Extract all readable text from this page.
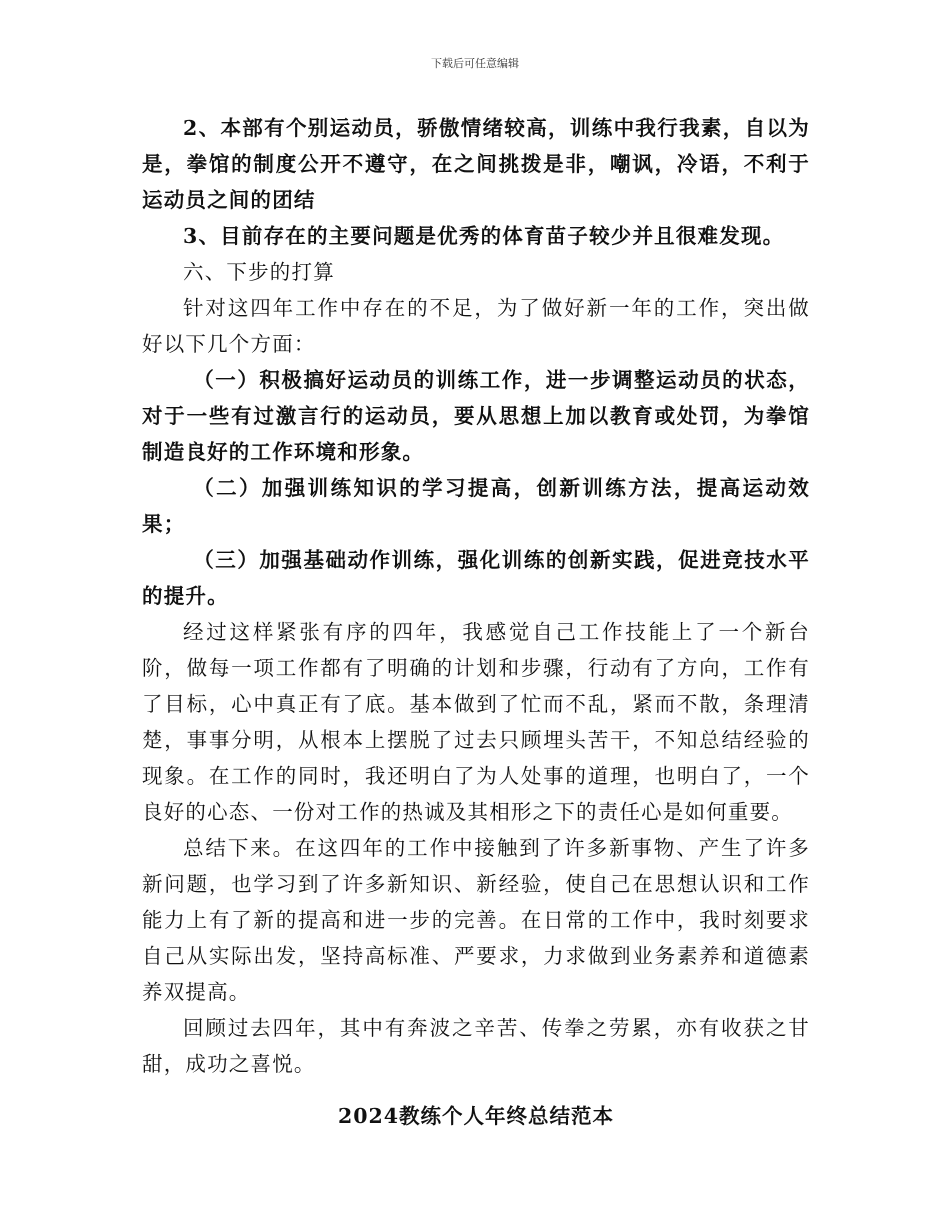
下载后可任意编辑

2、本部有个别运动员，骄傲情绪较高，训练中我行我素，自以为是，拳馆的制度公开不遵守，在之间挑拨是非，嘲讽，冷语，不利于运动员之间的团结

3、目前存在的主要问题是优秀的体育苗子较少并且很难发现。

六、下步的打算

针对这四年工作中存在的不足，为了做好新一年的工作，突出做好以下几个方面：

（一）积极搞好运动员的训练工作，进一步调整运动员的状态，对于一些有过激言行的运动员，要从思想上加以教育或处罚，为拳馆制造良好的工作环境和形象。

（二）加强训练知识的学习提高，创新训练方法，提高运动效果；

（三）加强基础动作训练，强化训练的创新实践，促进竞技水平的提升。

经过这样紧张有序的四年，我感觉自己工作技能上了一个新台阶，做每一项工作都有了明确的计划和步骤，行动有了方向，工作有了目标，心中真正有了底。基本做到了忙而不乱，紧而不散，条理清楚，事事分明，从根本上摆脱了过去只顾埋头苦干，不知总结经验的现象。在工作的同时，我还明白了为人处事的道理，也明白了，一个良好的心态、一份对工作的热诚及其相形之下的责任心是如何重要。

总结下来。在这四年的工作中接触到了许多新事物、产生了许多新问题，也学习到了许多新知识、新经验，使自己在思想认识和工作能力上有了新的提高和进一步的完善。在日常的工作中，我时刻要求自己从实际出发，坚持高标准、严要求，力求做到业务素养和道德素养双提高。

回顾过去四年，其中有奔波之辛苦、传拳之劳累，亦有收获之甘甜，成功之喜悦。

2024教练个人年终总结范本
